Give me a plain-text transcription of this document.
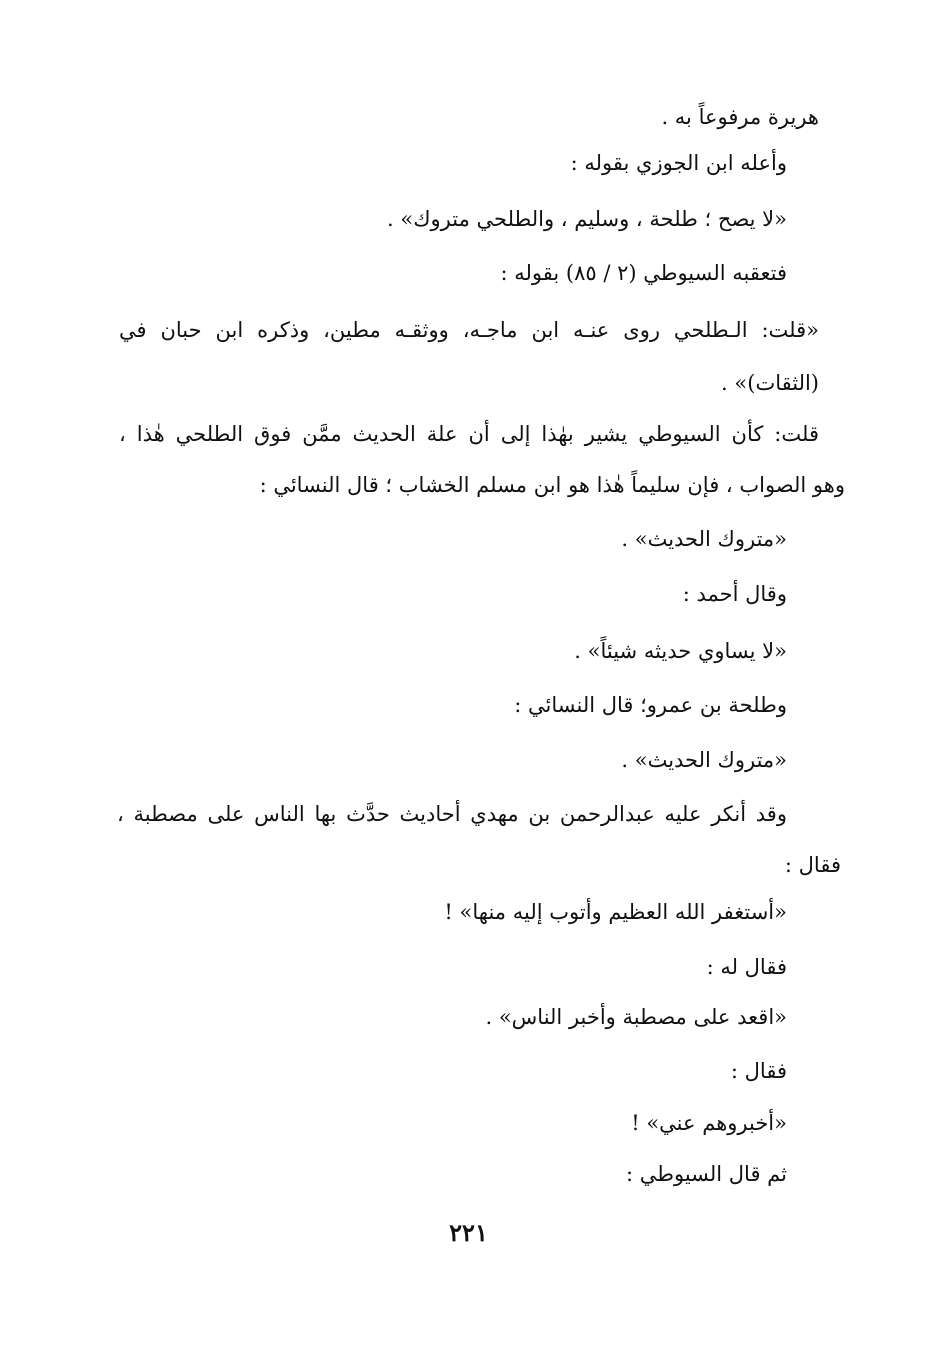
هريرة مرفوعاً به .
وأعله ابن الجوزي بقوله :
«لا يصح ؛ طلحة ، وسليم ، والطلحي متروك» .
فتعقبه السيوطي (٢ / ٨٥) بقوله :
«قلت: الـطلحي روى عنـه ابن ماجـه، ووثقـه مطين، وذكره ابن حبان في
(الثقات)» .
قلت: كأن السيوطي يشير بهٰذا إلى أن علة الحديث ممَّن فوق الطلحي هٰذا ،
وهو الصواب ، فإن سليماً هٰذا هو ابن مسلم الخشاب ؛ قال النسائي :
«متروك الحديث» .
وقال أحمد :
«لا يساوي حديثه شيئاً» .
وطلحة بن عمرو؛ قال النسائي :
«متروك الحديث» .
وقد أنكر عليه عبدالرحمن بن مهدي أحاديث حدَّث بها الناس على مصطبة ،
فقال :
«أستغفر الله العظيم وأتوب إليه منها» !
فقال له :
«اقعد على مصطبة وأخبر الناس» .
فقال :
«أخبروهم عني» !
ثم قال السيوطي :
٢٢١
